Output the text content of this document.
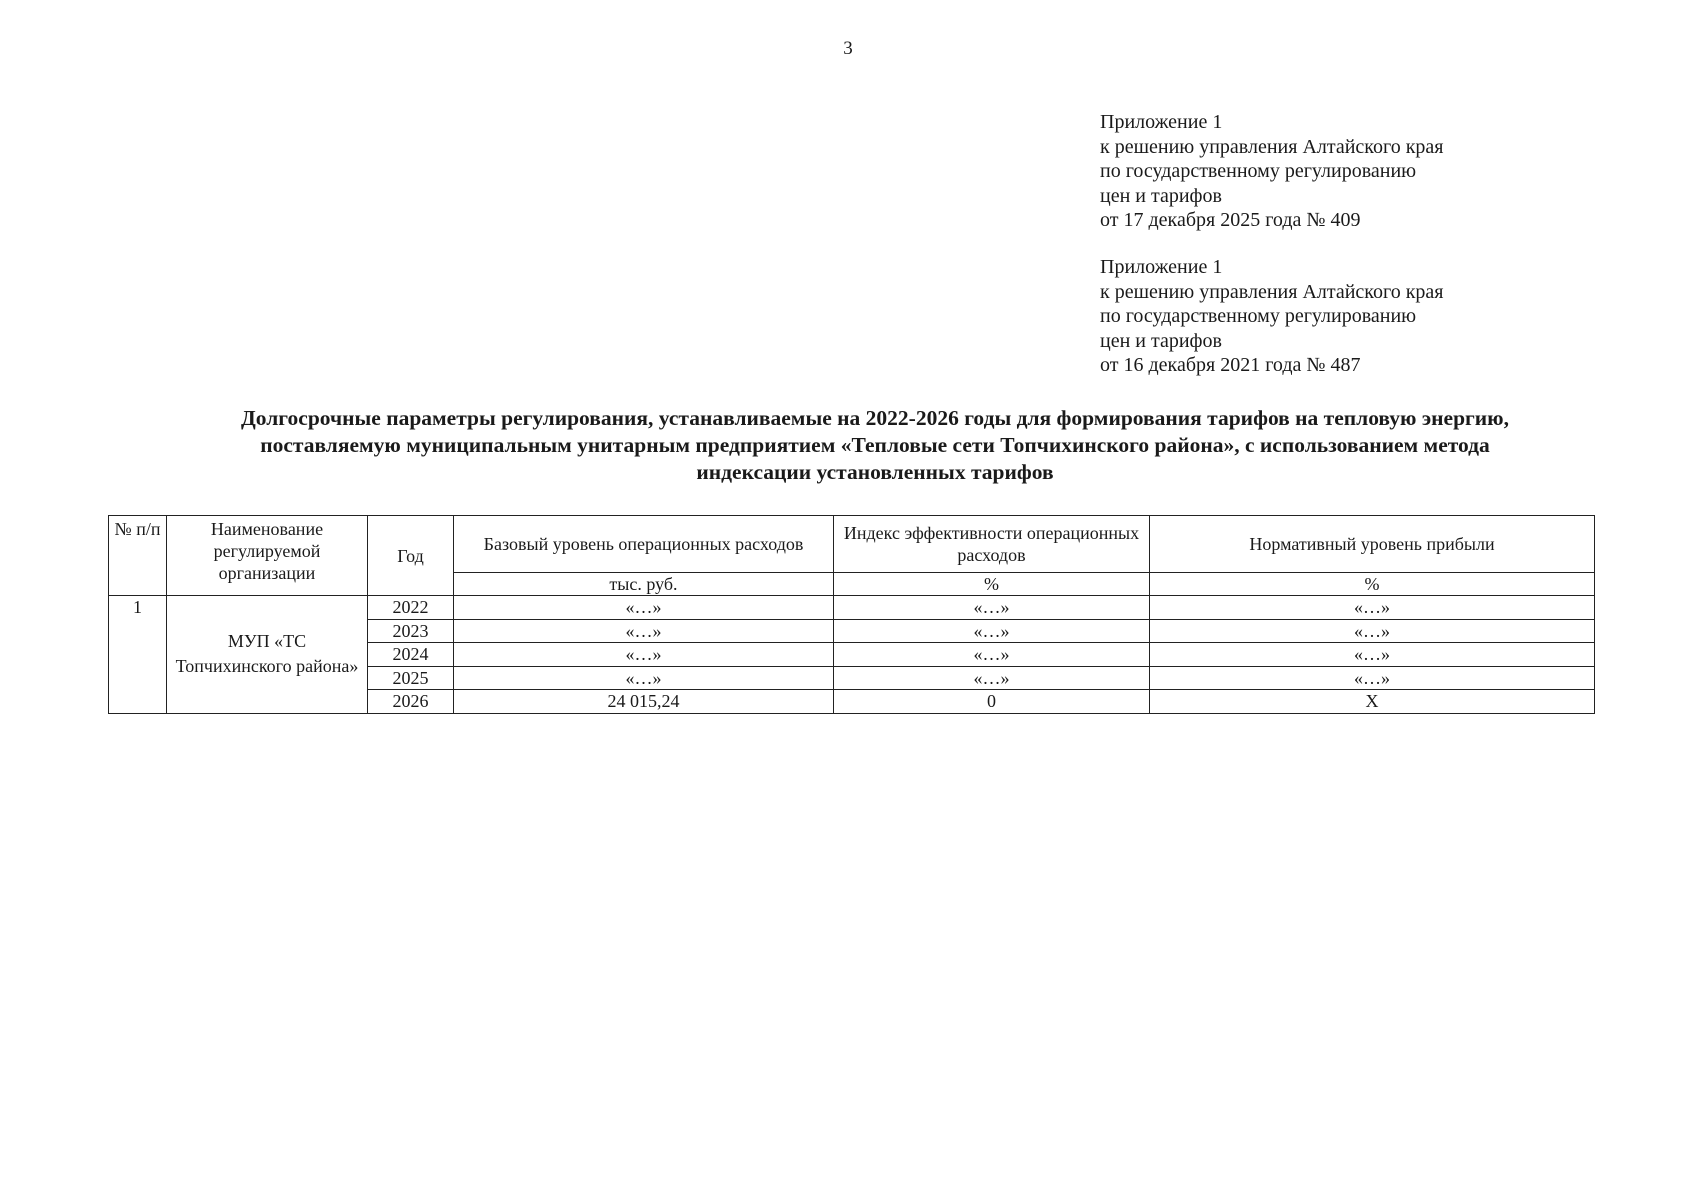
3
Приложение 1
к решению управления Алтайского края
по государственному регулированию
цен и тарифов
от 17 декабря 2025 года № 409
Приложение 1
к решению управления Алтайского края
по государственному регулированию
цен и тарифов
от 16 декабря 2021 года № 487
Долгосрочные параметры регулирования, устанавливаемые на 2022-2026 годы для формирования тарифов на тепловую энергию,
поставляемую муниципальным унитарным предприятием «Тепловые сети Топчихинского района», с использованием метода
индексации установленных тарифов
№ п/п	Наименование регулируемой организации	Год	Базовый уровень операционных расходов	Индекс эффективности операционных расходов	Нормативный уровень прибыли
			тыс. руб.	%	%
1	МУП «ТС Топчихинского района»	2022	«…»	«…»	«…»
		2023	«…»	«…»	«…»
		2024	«…»	«…»	«…»
		2025	«…»	«…»	«…»
		2026	24 015,24	0	Х
